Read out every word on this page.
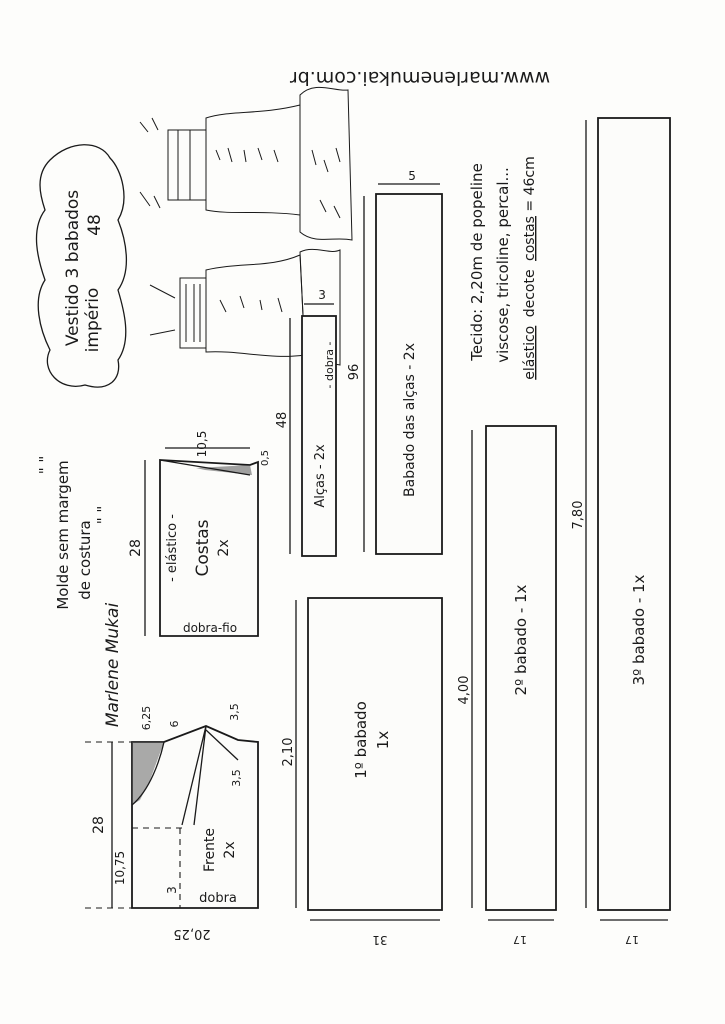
www.marlenemukai.com.br
Vestido 3 babados império
48
Molde sem margem de costura
" "
" "
Marlene Mukai
Tecido: 2,20m de popeline viscose, tricoline, percal... elástico decote costas = 46cm
28
10,75
20,25
3
6,25 6
3,5
3,5
Frente 2x
dobra
28
10,5
0,5
- elástico - Costas 2x
dobra-fio
48
3
- dobra -
Alças - 2x
96
5
Babado das alças - 2x
2,10
31
1º babado 1x
4,00
17
2º babado - 1x
7,80
17
3º babado - 1x
